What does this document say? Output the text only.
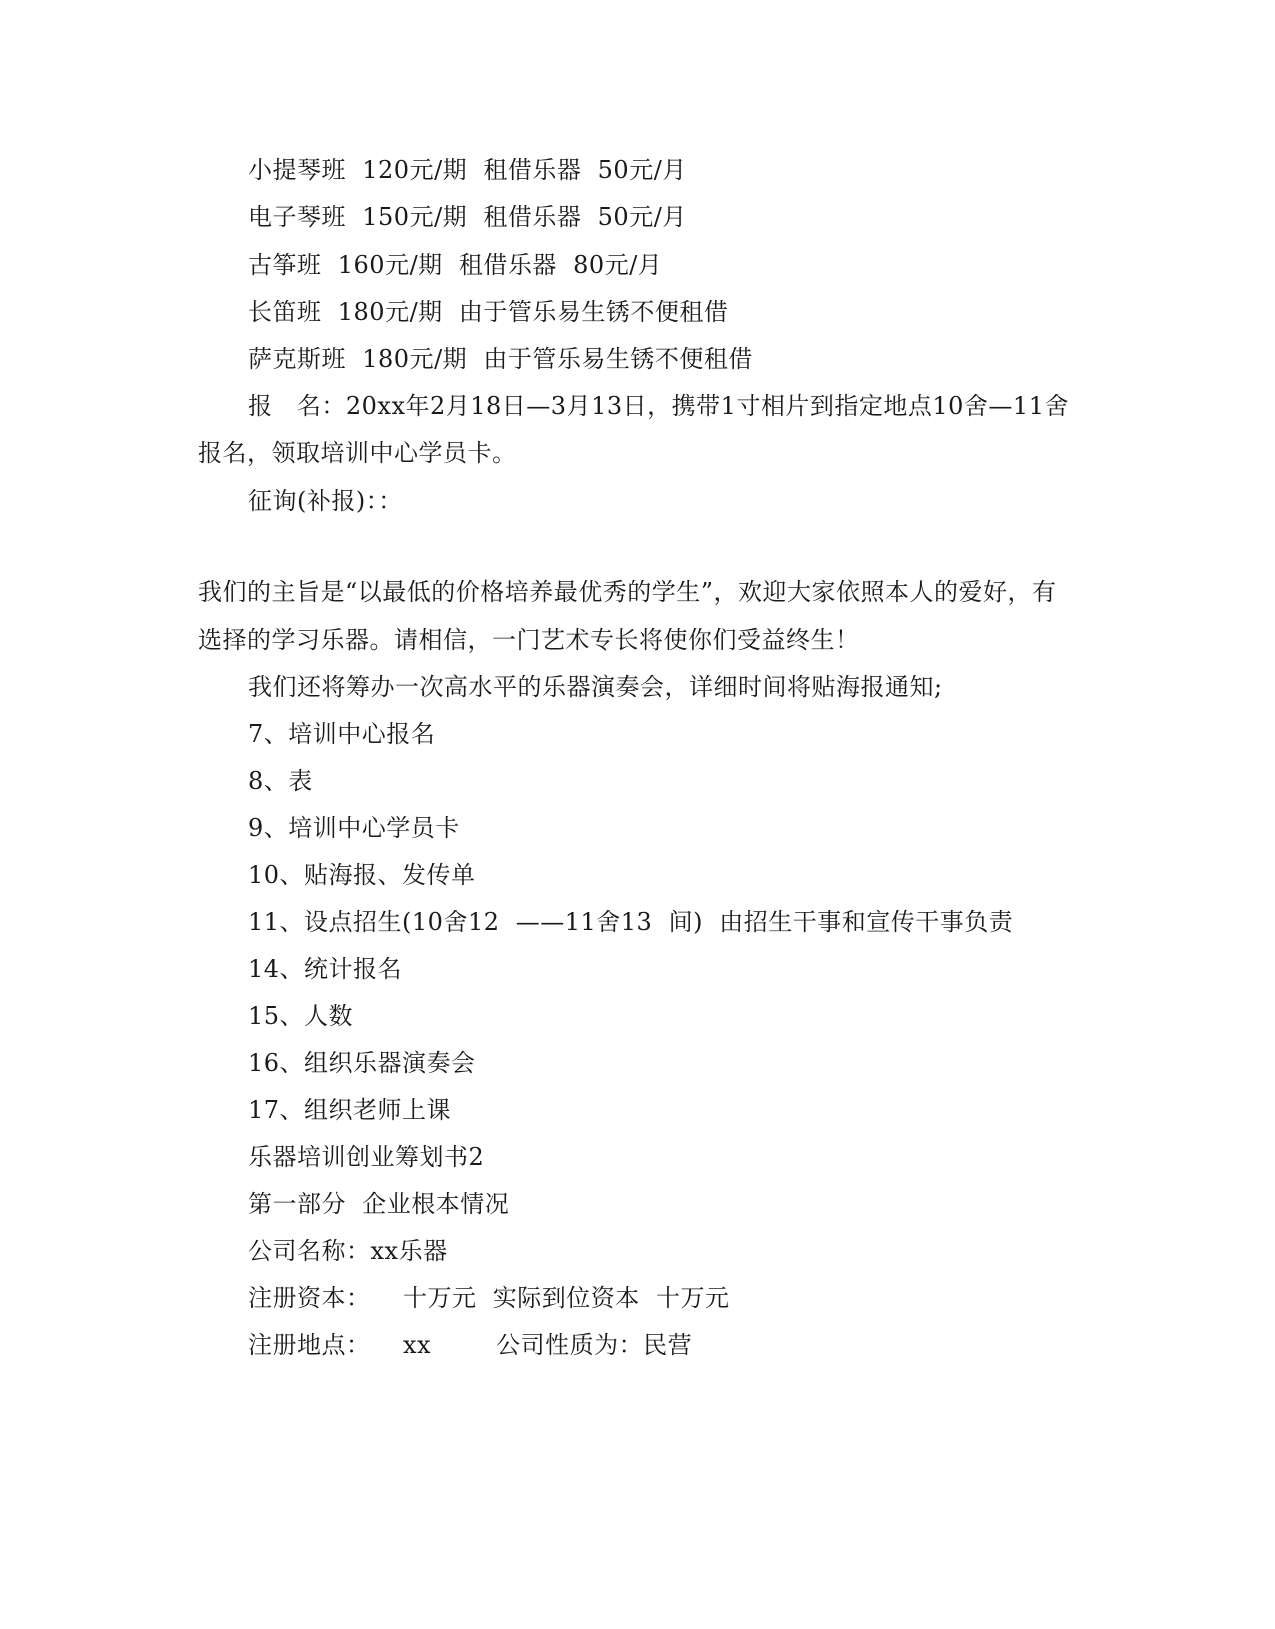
小提琴班  120元/期  租借乐器  50元/月
电子琴班  150元/期  租借乐器  50元/月
古筝班  160元/期  租借乐器  80元/月
长笛班  180元/期  由于管乐易生锈不便租借
萨克斯班  180元/期  由于管乐易生锈不便租借
报   名：20xx年2月18日—3月13日，携带1寸相片到指定地点10舍—11舍
报名，领取培训中心学员卡。
征询(补报)：：
我们的主旨是“以最低的价格培养最优秀的学生”，欢迎大家依照本人的爱好，有
选择的学习乐器。请相信，一门艺术专长将使你们受益终生！
我们还将筹办一次高水平的乐器演奏会，详细时间将贴海报通知;
7、培训中心报名
8、表
9、培训中心学员卡
10、贴海报、发传单
11、设点招生(10舍12  ——11舍13  间)  由招生干事和宣传干事负责
14、统计报名
15、人数
16、组织乐器演奏会
17、组织老师上课
乐器培训创业筹划书2
第一部分  企业根本情况
公司名称：xx乐器
注册资本：    十万元  实际到位资本  十万元
注册地点：    xx        公司性质为：民营
